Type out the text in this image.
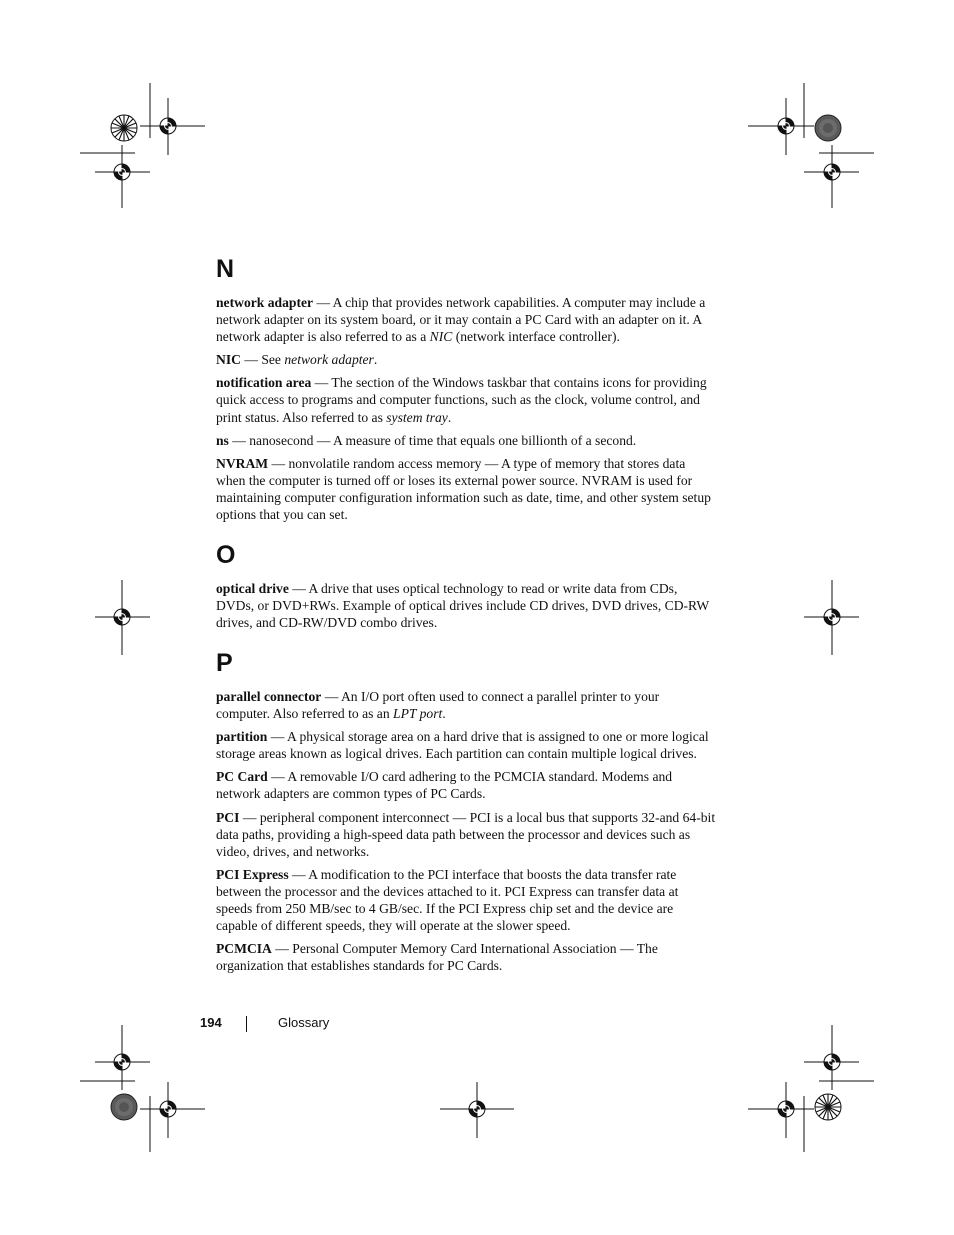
N

network adapter — A chip that provides network capabilities. A computer may include a network adapter on its system board, or it may contain a PC Card with an adapter on it. A network adapter is also referred to as a NIC (network interface controller).

NIC — See network adapter.

notification area — The section of the Windows taskbar that contains icons for providing quick access to programs and computer functions, such as the clock, volume control, and print status. Also referred to as system tray.

ns — nanosecond — A measure of time that equals one billionth of a second.

NVRAM — nonvolatile random access memory — A type of memory that stores data when the computer is turned off or loses its external power source. NVRAM is used for maintaining computer configuration information such as date, time, and other system setup options that you can set.

O

optical drive — A drive that uses optical technology to read or write data from CDs, DVDs, or DVD+RWs. Example of optical drives include CD drives, DVD drives, CD-RW drives, and CD-RW/DVD combo drives.

P

parallel connector — An I/O port often used to connect a parallel printer to your computer. Also referred to as an LPT port.

partition — A physical storage area on a hard drive that is assigned to one or more logical storage areas known as logical drives. Each partition can contain multiple logical drives.

PC Card — A removable I/O card adhering to the PCMCIA standard. Modems and network adapters are common types of PC Cards.

PCI — peripheral component interconnect — PCI is a local bus that supports 32-and 64-bit data paths, providing a high-speed data path between the processor and devices such as video, drives, and networks.

PCI Express — A modification to the PCI interface that boosts the data transfer rate between the processor and the devices attached to it. PCI Express can transfer data at speeds from 250 MB/sec to 4 GB/sec. If the PCI Express chip set and the device are capable of different speeds, they will operate at the slower speed.

PCMCIA — Personal Computer Memory Card International Association — The organization that establishes standards for PC Cards.

194	Glossary
